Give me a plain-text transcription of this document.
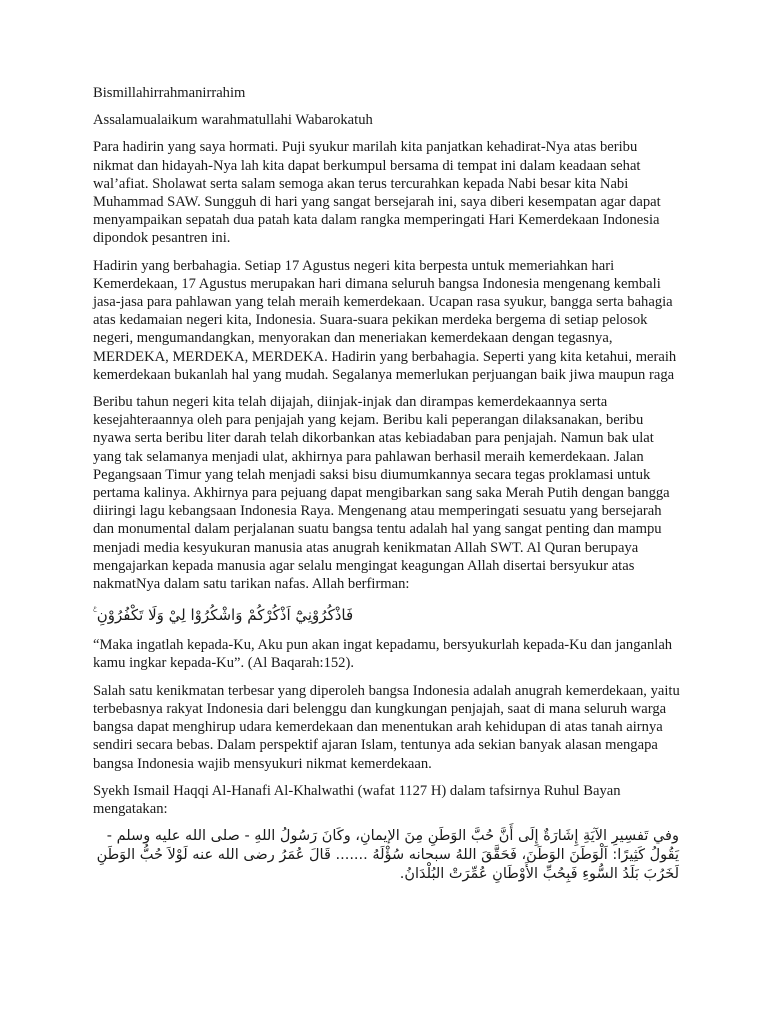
Bismillahirrahmanirrahim

Assalamualaikum warahmatullahi Wabarokatuh

Para hadirin yang saya hormati. Puji syukur marilah kita panjatkan kehadirat-Nya atas beribu nikmat dan hidayah-Nya lah kita dapat berkumpul bersama di tempat ini dalam keadaan sehat wal’afiat. Sholawat serta salam semoga akan terus tercurahkan kepada Nabi besar kita Nabi Muhammad SAW. Sungguh di hari yang sangat bersejarah ini, saya diberi kesempatan agar dapat menyampaikan sepatah dua patah kata dalam rangka memperingati Hari Kemerdekaan Indonesia dipondok pesantren ini.

Hadirin yang berbahagia. Setiap 17 Agustus negeri kita berpesta untuk memeriahkan hari Kemerdekaan, 17 Agustus merupakan hari dimana seluruh bangsa Indonesia mengenang kembali jasa-jasa para pahlawan yang telah meraih kemerdekaan. Ucapan rasa syukur, bangga serta bahagia atas kedamaian negeri kita, Indonesia. Suara-suara pekikan merdeka bergema di setiap pelosok negeri, mengumandangkan, menyorakan dan meneriakan kemerdekaan dengan tegasnya, MERDEKA, MERDEKA, MERDEKA. Hadirin yang berbahagia. Seperti yang kita ketahui, meraih kemerdekaan bukanlah hal yang mudah. Segalanya memerlukan perjuangan baik jiwa maupun raga

Beribu tahun negeri kita telah dijajah, diinjak-injak dan dirampas kemerdekaannya serta kesejahteraannya oleh para penjajah yang kejam. Beribu kali peperangan dilaksanakan, beribu nyawa serta beribu liter darah telah dikorbankan atas kebiadaban para penjajah. Namun bak ulat yang tak selamanya menjadi ulat, akhirnya para pahlawan berhasil meraih kemerdekaan. Jalan Pegangsaan Timur yang telah menjadi saksi bisu diumumkannya secara tegas proklamasi untuk pertama kalinya. Akhirnya para pejuang dapat mengibarkan sang saka Merah Putih dengan bangga diiringi lagu kebangsaan Indonesia Raya. Mengenang atau memperingati sesuatu yang bersejarah dan monumental dalam perjalanan suatu bangsa tentu adalah hal yang sangat penting dan mampu menjadi media kesyukuran manusia atas anugrah kenikmatan Allah SWT. Al Quran berupaya mengajarkan kepada manusia agar selalu mengingat keagungan Allah disertai bersyukur atas nakmatNya dalam satu tarikan nafas. Allah berfirman:

فَاذْكُرُوْنِيْٓ اَذْكُرْكُمْ وَاشْكُرُوْا لِيْ وَلَا تَكْفُرُوْنِ ࣖ

“Maka ingatlah kepada-Ku, Aku pun akan ingat kepadamu, bersyukurlah kepada-Ku dan janganlah kamu ingkar kepada-Ku”. (Al Baqarah:152).

Salah satu kenikmatan terbesar yang diperoleh bangsa Indonesia adalah anugrah kemerdekaan, yaitu terbebasnya rakyat Indonesia dari belenggu dan kungkungan penjajah, saat di mana seluruh warga bangsa dapat menghirup udara kemerdekaan dan menentukan arah kehidupan di atas tanah airnya sendiri secara bebas. Dalam perspektif ajaran Islam, tentunya ada sekian banyak alasan mengapa bangsa Indonesia wajib mensyukuri nikmat kemerdekaan.

Syekh Ismail Haqqi Al-Hanafi Al-Khalwathi (wafat 1127 H) dalam tafsirnya Ruhul Bayan mengatakan:

وفي تَفسِيرِ الآيَةِ إِشَارَةٌ إِلَى أَنَّ حُبَّ الوَطَنِ مِنَ الإيمانِ، وكَانَ رَسُولُ اللهِ - صلى الله عليه وسلم - يَقُولُ كَثِيرًا: اَلْوَطَنَ الوَطَنَ، فَحَقَّقَ اللهُ سبحانه سُؤْلَهُ ....... قَالَ عُمَرُ رضى الله عنه لَوْلاَ حُبُّ الوَطَنِ لَخَرُبَ بَلَدُ السُّوءِ فَبِحُبِّ الأَوْطَانِ عُمِّرَتْ البُلْدَانُ.
